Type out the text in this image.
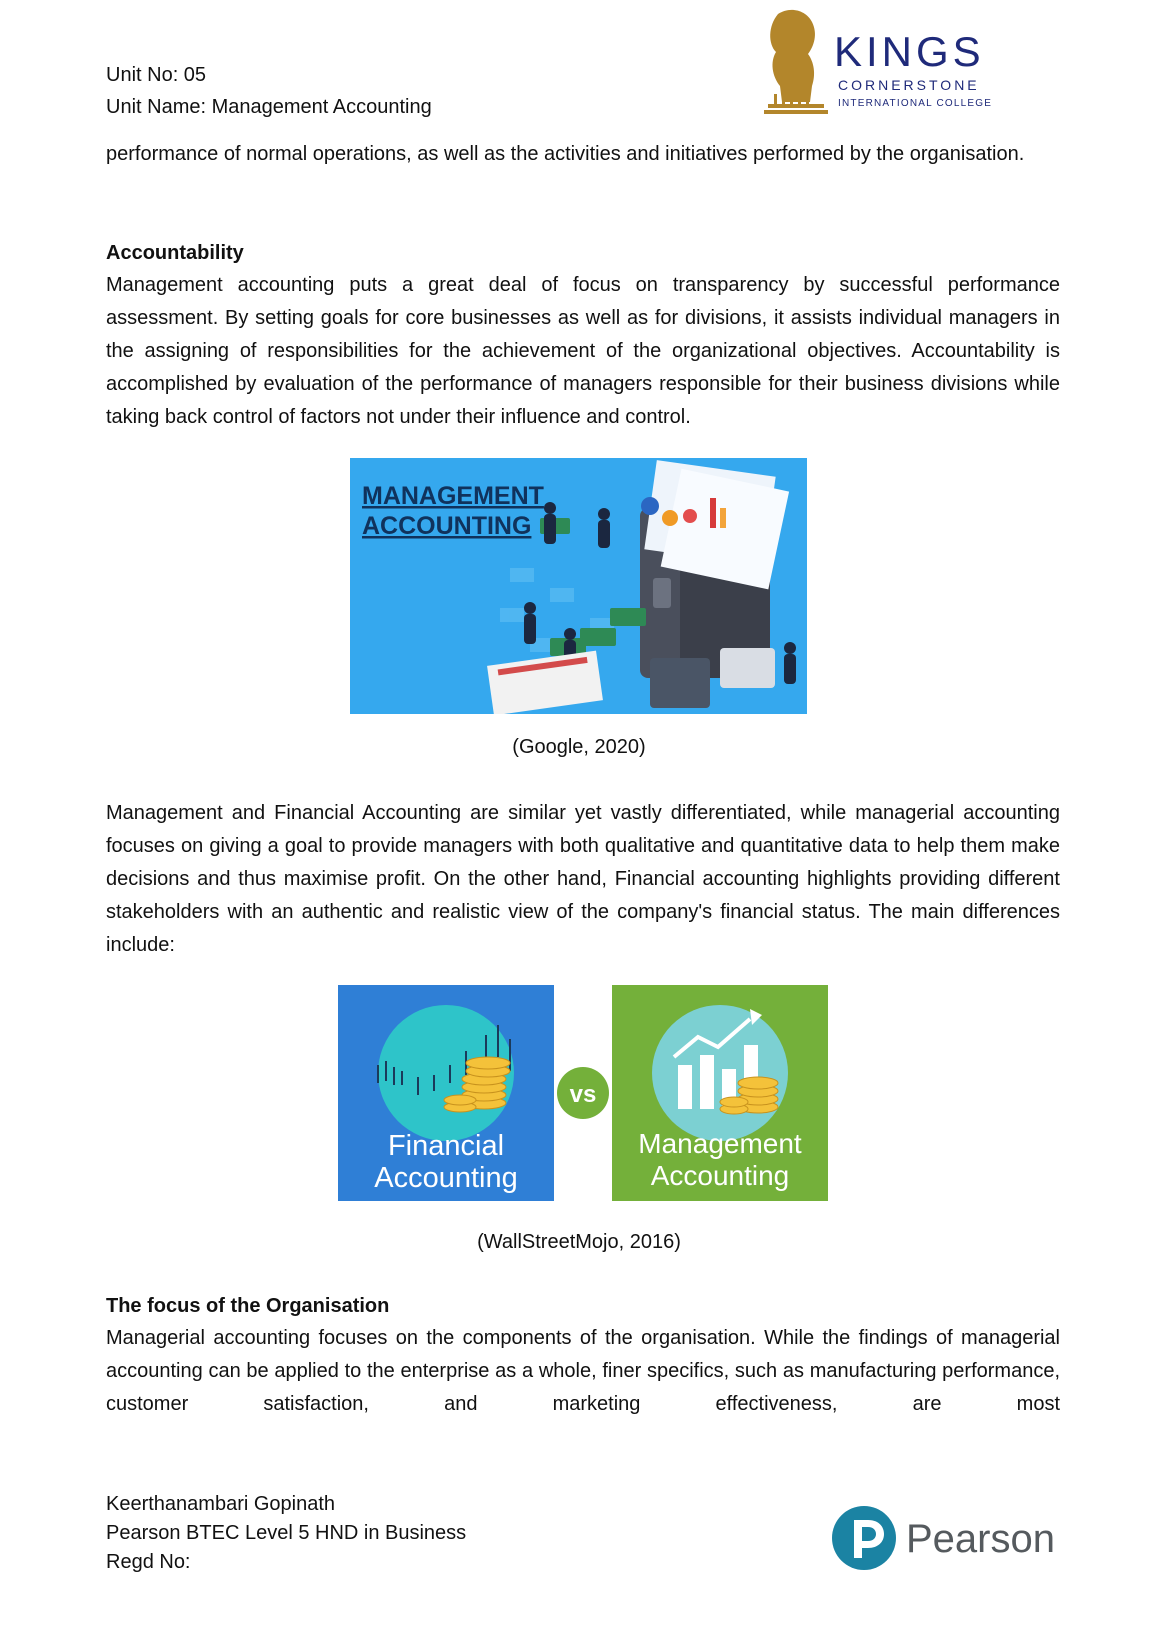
Unit No: 05
Unit Name: Management Accounting
KINGS
CORNERSTONE
INTERNATIONAL COLLEGE

performance of normal operations, as well as the activities and initiatives performed by the organisation.

Accountability

Management accounting puts a great deal of focus on transparency by successful performance assessment. By setting goals for core businesses as well as for divisions, it assists individual managers in the assigning of responsibilities for the achievement of the organizational objectives. Accountability is accomplished by evaluation of the performance of managers responsible for their business divisions while taking back control of factors not under their influence and control.

MANAGEMENT
ACCOUNTING
(Google, 2020)

Management and Financial Accounting are similar yet vastly differentiated, while managerial accounting focuses on giving a goal to provide managers with both qualitative and quantitative data to help them make decisions and thus maximise profit. On the other hand, Financial accounting highlights providing different stakeholders with an authentic and realistic view of the company's financial status. The main differences include:

Financial
Accounting
vs
Management
Accounting
(WallStreetMojo, 2016)
The focus of the Organisation

Managerial accounting focuses on the components of the organisation. While the findings of managerial accounting can be applied to the enterprise as a whole, finer specifics, such as manufacturing performance, customer satisfaction, and marketing effectiveness, are most

Keerthanambari Gopinath
Pearson BTEC Level 5 HND in Business
Regd No:
Pearson
